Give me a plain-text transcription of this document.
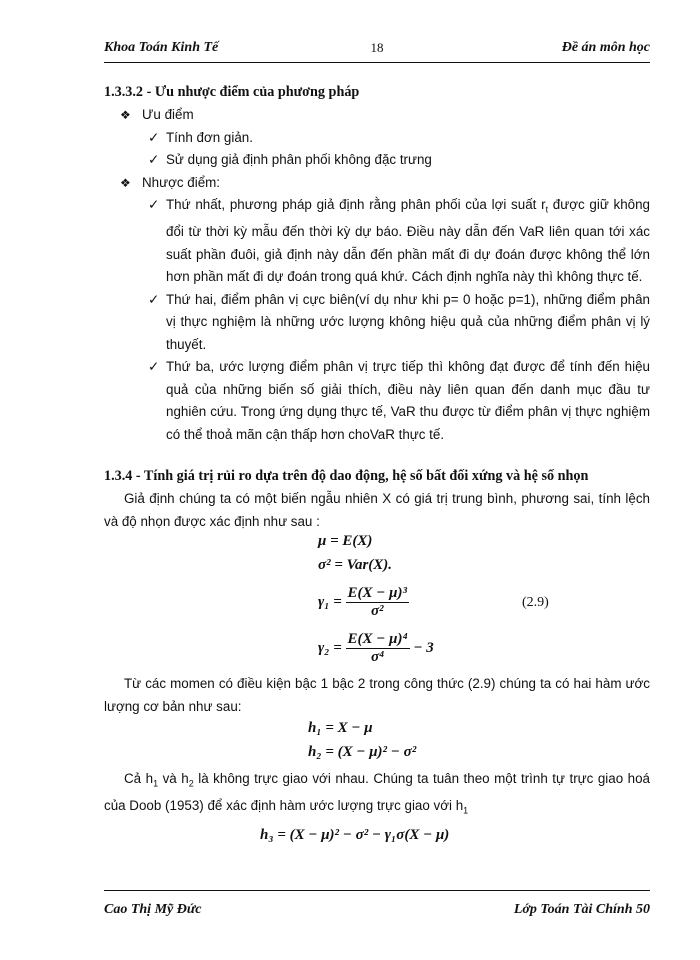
Khoa Toán Kinh Tế	18	Đề án môn học

1.3.3.2 - Ưu nhược điểm của phương pháp

❖ Ưu điểm
✓ Tính đơn giản.
✓ Sử dụng giả định phân phối không đặc trưng
❖ Nhược điểm:
✓ Thứ nhất, phương pháp giả định rằng phân phối của lợi suất $r_t$ được giữ không đổi từ thời kỳ mẫu đến thời kỳ dự báo. Điều này dẫn đến VaR liên quan tới xác suất phần đuôi, giả định này dẫn đến phần mất đi dự đoán được không thể lớn hơn phần mất đi dự đoán trong quá khứ. Cách định nghĩa này thì không thực tế.
✓ Thứ hai, điểm phân vị cực biên(ví dụ như khi p= 0 hoặc p=1), những điểm phân vị thực nghiệm là những ước lượng không hiệu quả của những điểm phân vị lý thuyết.
✓ Thứ ba, ước lượng điểm phân vị trực tiếp thì không đạt được để tính đến hiệu quả của những biến số giải thích, điều này liên quan đến danh mục đầu tư nghiên cứu. Trong ứng dụng thực tế, VaR thu được từ điểm phân vị thực nghiệm có thể thoả mãn cận thấp hơn choVaR thực tế.

1.3.4 - Tính giá trị rủi ro dựa trên độ dao động, hệ số bất đối xứng và hệ số nhọn

Giả định chúng ta có một biến ngẫu nhiên X có giá trị trung bình, phương sai, tính lệch và độ nhọn được xác định như sau :
μ = E(X)
σ² = Var(X).
$\gamma_1 = \frac{\text{E(X − μ)³}}{\text{σ²}}$	(2.9)
$\gamma_2 = \frac{\text{E(X − μ)⁴}}{\text{σ⁴}} - 3$
Từ các momen có điều kiện bậc 1 bậc 2 trong công thức (2.9) chúng ta có hai hàm ước lượng cơ bản như sau:
h₁ = X − μ
h₂ = (X − μ)² − σ²
Cả $h_1$ và $h_2$ là không trực giao với nhau. Chúng ta tuân theo một trình tự trực giao hoá của Doob (1953) để xác định hàm ước lượng trực giao với $h_1$
h₃ = (X − μ)² − σ² − γ₁σ(X − μ)
Cao Thị Mỹ Đức	Lớp Toán Tài Chính 50
